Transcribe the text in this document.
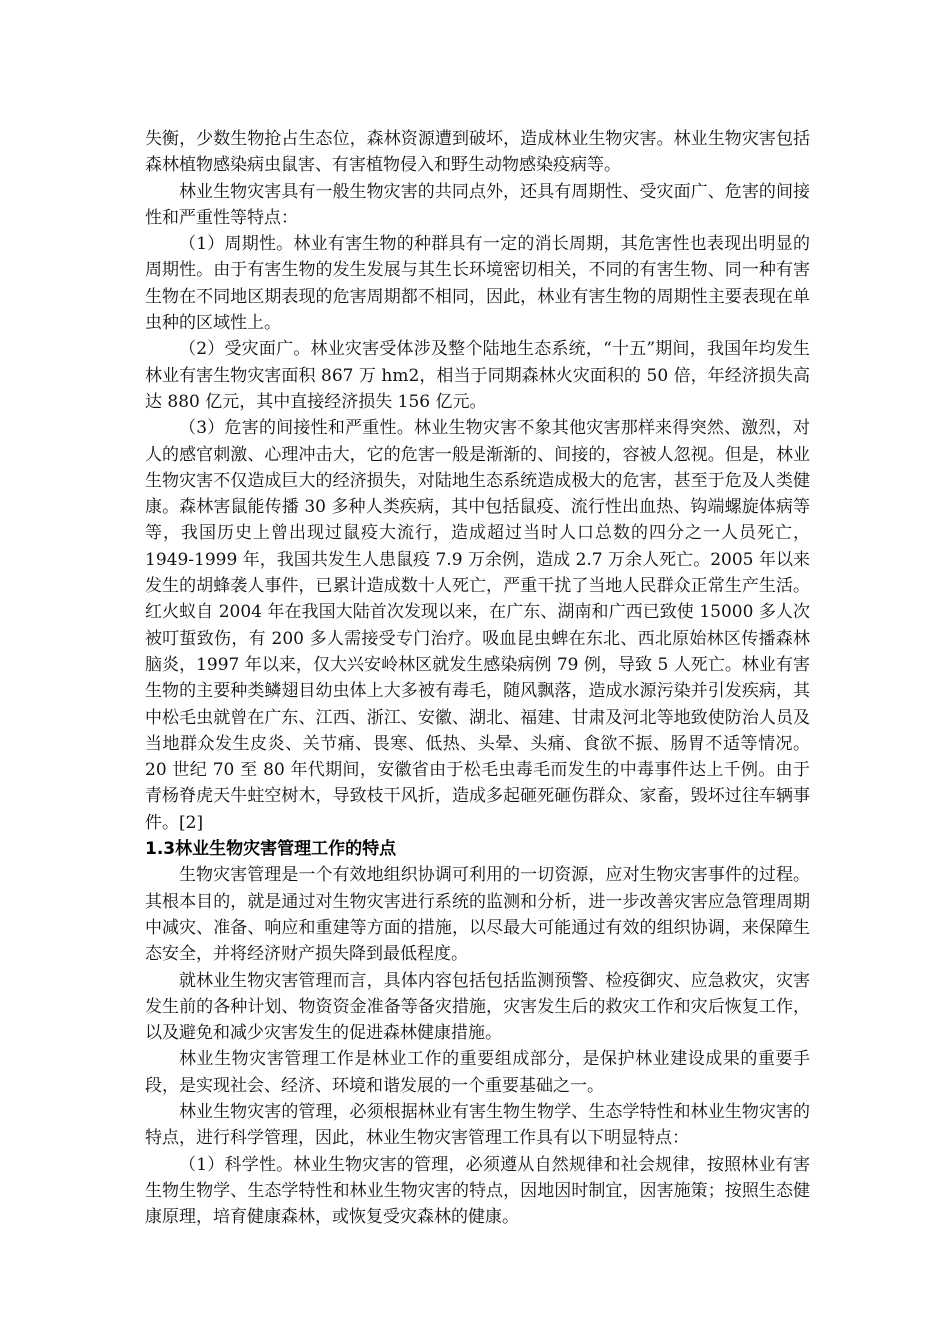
失衡，少数生物抢占生态位，森林资源遭到破坏，造成林业生物灾害。林业生物灾害包括森林植物感染病虫鼠害、有害植物侵入和野生动物感染疫病等。

林业生物灾害具有一般生物灾害的共同点外，还具有周期性、受灾面广、危害的间接性和严重性等特点：

（1）周期性。林业有害生物的种群具有一定的消长周期，其危害性也表现出明显的周期性。由于有害生物的发生发展与其生长环境密切相关，不同的有害生物、同一种有害生物在不同地区期表现的危害周期都不相同，因此，林业有害生物的周期性主要表现在单虫种的区域性上。

（2）受灾面广。林业灾害受体涉及整个陆地生态系统，“十五”期间，我国年均发生林业有害生物灾害面积 867 万 hm2，相当于同期森林火灾面积的 50 倍，年经济损失高达 880 亿元，其中直接经济损失 156 亿元。

（3）危害的间接性和严重性。林业生物灾害不象其他灾害那样来得突然、激烈，对人的感官刺激、心理冲击大，它的危害一般是渐渐的、间接的，容被人忽视。但是，林业生物灾害不仅造成巨大的经济损失，对陆地生态系统造成极大的危害，甚至于危及人类健康。森林害鼠能传播 30 多种人类疾病，其中包括鼠疫、流行性出血热、钩端螺旋体病等等，我国历史上曾出现过鼠疫大流行，造成超过当时人口总数的四分之一人员死亡，1949-1999 年，我国共发生人患鼠疫 7.9 万余例，造成 2.7 万余人死亡。2005 年以来发生的胡蜂袭人事件，已累计造成数十人死亡，严重干扰了当地人民群众正常生产生活。红火蚁自 2004 年在我国大陆首次发现以来，在广东、湖南和广西已致使 15000 多人次被叮蜇致伤，有 200 多人需接受专门治疗。吸血昆虫蜱在东北、西北原始林区传播森林脑炎，1997 年以来，仅大兴安岭林区就发生感染病例 79 例，导致 5 人死亡。林业有害生物的主要种类鳞翅目幼虫体上大多被有毒毛，随风飘落，造成水源污染并引发疾病，其中松毛虫就曾在广东、江西、浙江、安徽、湖北、福建、甘肃及河北等地致使防治人员及当地群众发生皮炎、关节痛、畏寒、低热、头晕、头痛、食欲不振、肠胃不适等情况。20 世纪 70 至 80 年代期间，安徽省由于松毛虫毒毛而发生的中毒事件达上千例。由于青杨脊虎天牛蛀空树木，导致枝干风折，造成多起砸死砸伤群众、家畜，毁坏过往车辆事件。[2]

1.3林业生物灾害管理工作的特点

生物灾害管理是一个有效地组织协调可利用的一切资源，应对生物灾害事件的过程。其根本目的，就是通过对生物灾害进行系统的监测和分析，进一步改善灾害应急管理周期中减灾、准备、响应和重建等方面的措施，以尽最大可能通过有效的组织协调，来保障生态安全，并将经济财产损失降到最低程度。

就林业生物灾害管理而言，具体内容包括包括监测预警、检疫御灾、应急救灾，灾害发生前的各种计划、物资资金准备等备灾措施，灾害发生后的救灾工作和灾后恢复工作，以及避免和减少灾害发生的促进森林健康措施。

林业生物灾害管理工作是林业工作的重要组成部分，是保护林业建设成果的重要手段，是实现社会、经济、环境和谐发展的一个重要基础之一。

林业生物灾害的管理，必须根据林业有害生物生物学、生态学特性和林业生物灾害的特点，进行科学管理，因此，林业生物灾害管理工作具有以下明显特点：

（1）科学性。林业生物灾害的管理，必须遵从自然规律和社会规律，按照林业有害生物生物学、生态学特性和林业生物灾害的特点，因地因时制宜，因害施策；按照生态健康原理，培育健康森林，或恢复受灾森林的健康。
